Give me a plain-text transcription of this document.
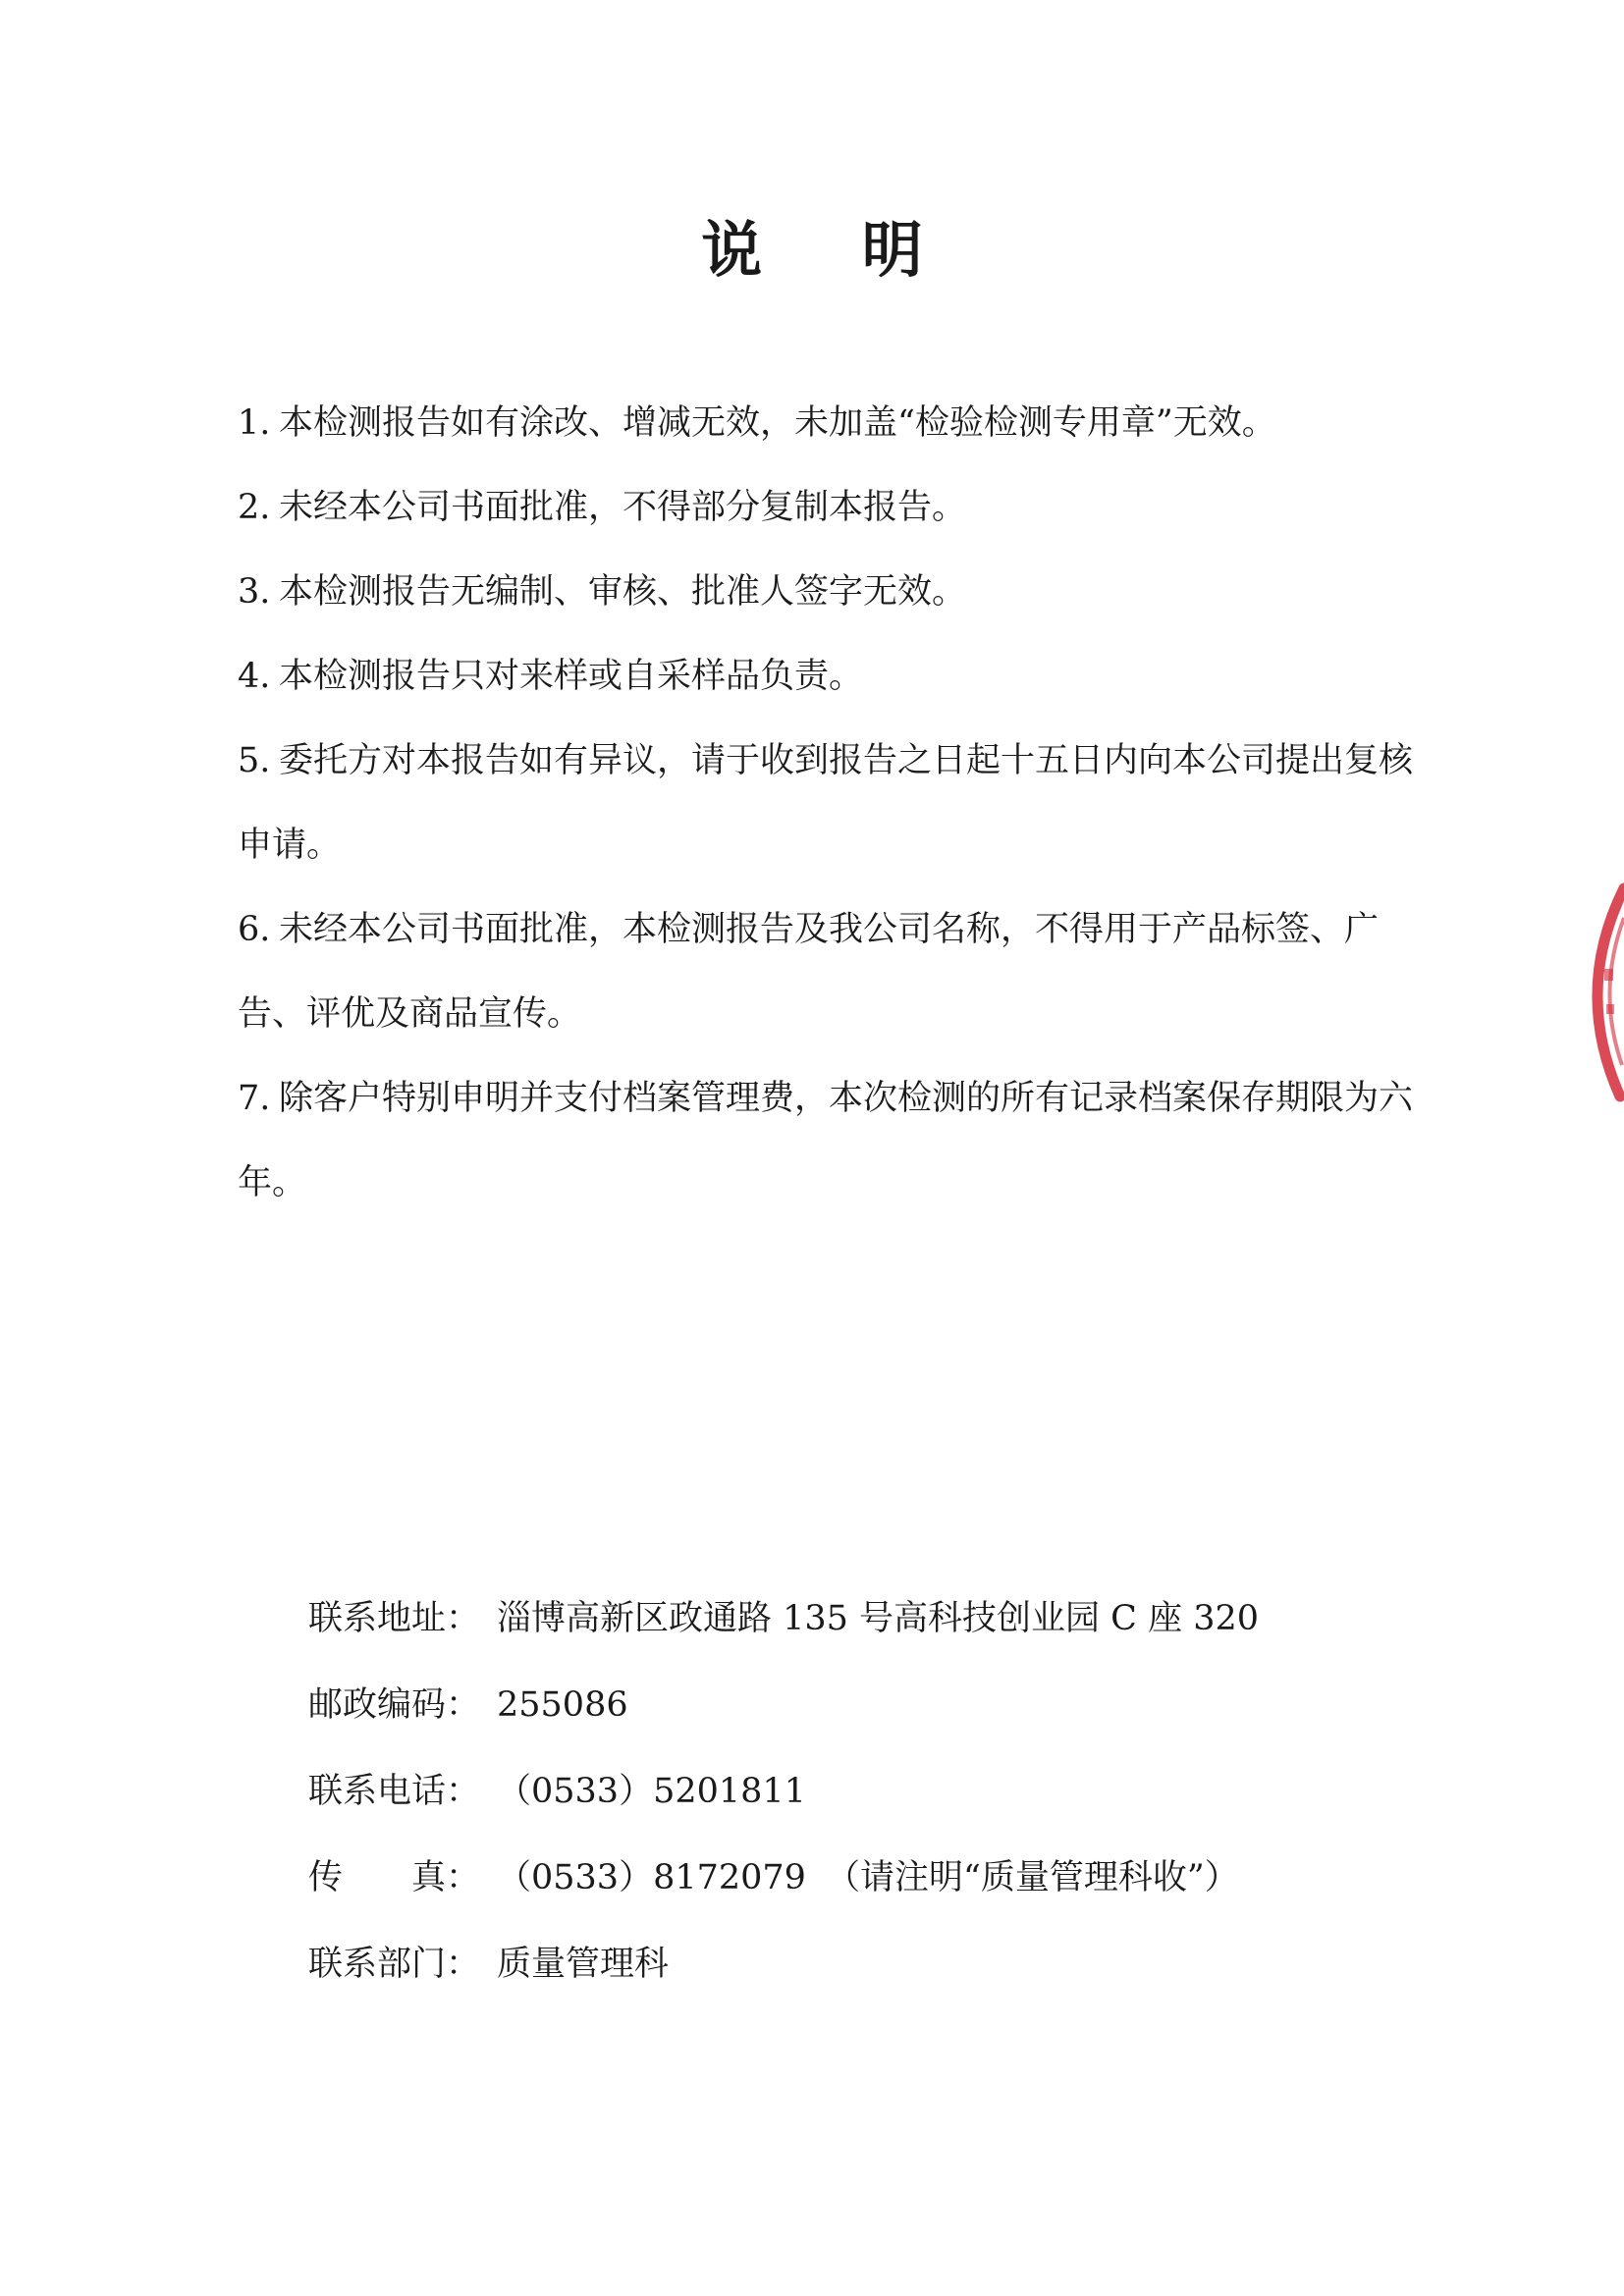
说 明
1. 本检测报告如有涂改、增减无效，未加盖“检验检测专用章”无效。
2. 未经本公司书面批准，不得部分复制本报告。
3. 本检测报告无编制、审核、批准人签字无效。
4. 本检测报告只对来样或自采样品负责。
5. 委托方对本报告如有异议，请于收到报告之日起十五日内向本公司提出复核申请。
6. 未经本公司书面批准，本检测报告及我公司名称，不得用于产品标签、广告、评优及商品宣传。
7. 除客户特别申明并支付档案管理费，本次检测的所有记录档案保存期限为六年。
联系地址： 淄博高新区政通路 135 号高科技创业园 C 座 320
邮政编码： 255086
联系电话： （0533）5201811
传　　真： （0533）8172079 （请注明“质量管理科收”）
联系部门： 质量管理科
